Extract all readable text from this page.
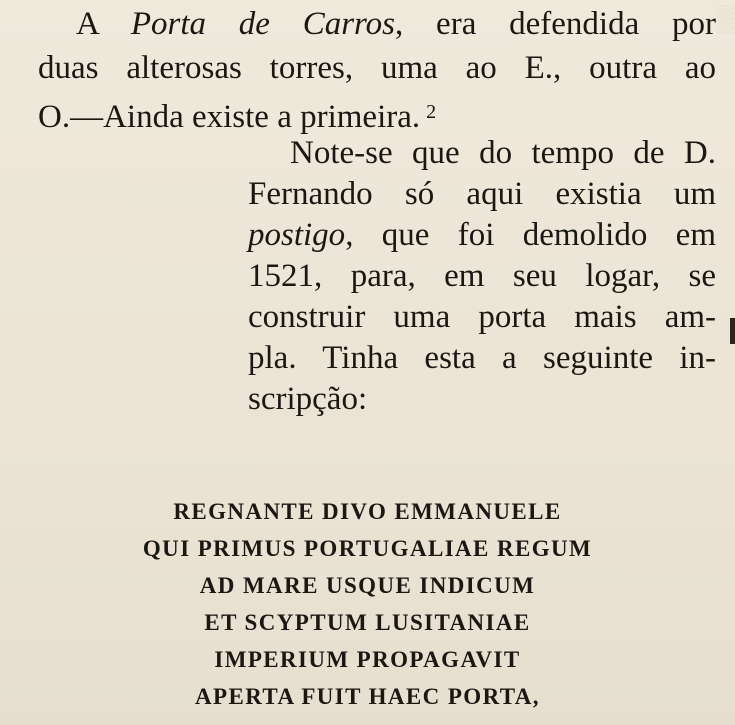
▒
A Porta de Carros, era defendida por
duas alterosas torres, uma ao E., outra ao
O.—Ainda existe a primeira. $^2$
Note-se que do tempo de D.
Fernando só aqui existia um
postigo, que foi demolido em
1521, para, em seu logar, se
construir uma porta mais am-
pla. Tinha esta a seguinte in-
scripção:
REGNANTE DIVO EMMANUELE
QUI PRIMUS PORTUGALIAE REGUM
AD MARE USQUE INDICUM
ET SCYPTUM LUSITANIAE
IMPERIUM PROPAGAVIT
APERTA FUIT HAEC PORTA,
